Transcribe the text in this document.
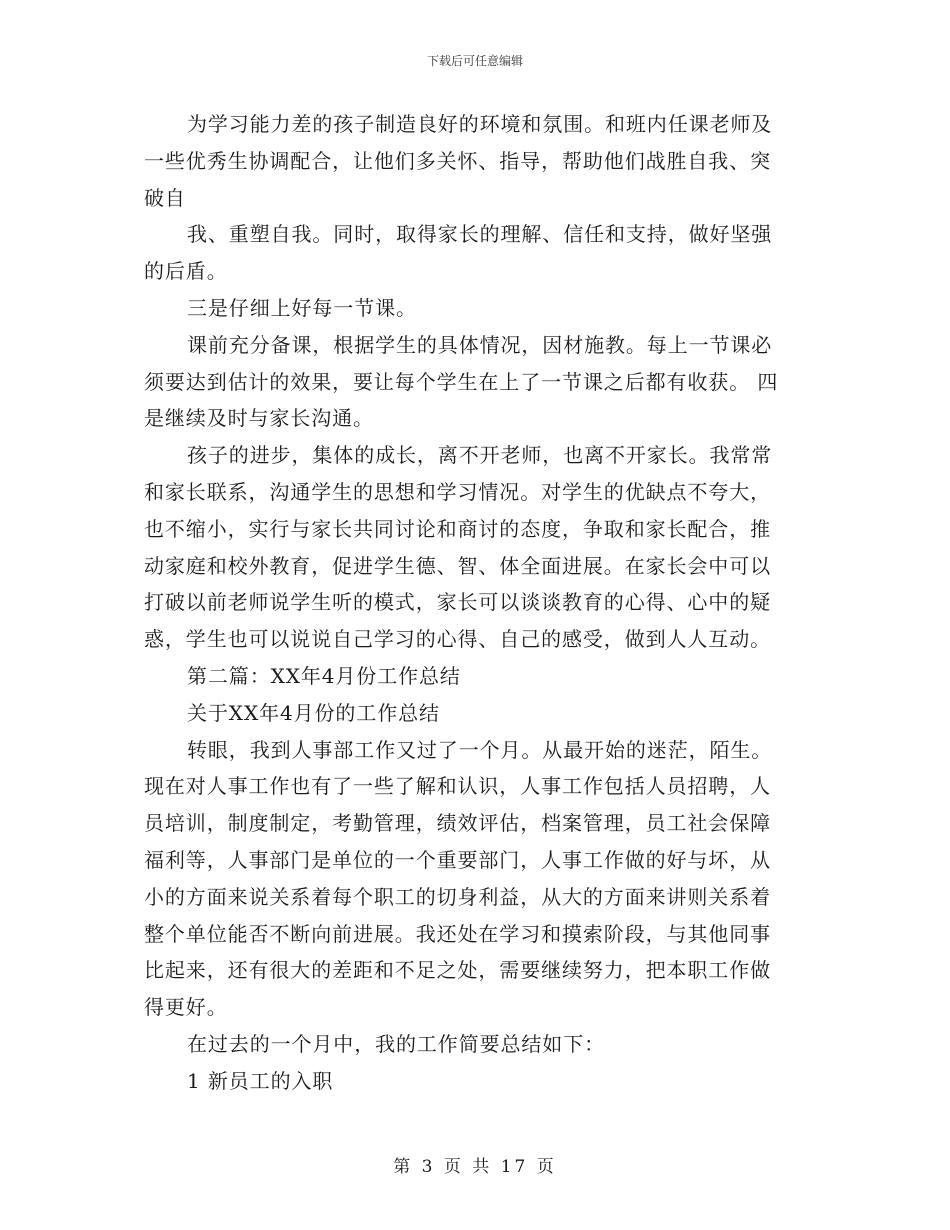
下载后可任意编辑
为学习能力差的孩子制造良好的环境和氛围。和班内任课老师及
一些优秀生协调配合，让他们多关怀、指导，帮助他们战胜自我、突
破自
我、重塑自我。同时，取得家长的理解、信任和支持，做好坚强
的后盾。
三是仔细上好每一节课。
课前充分备课，根据学生的具体情况，因材施教。每上一节课必
须要达到估计的效果，要让每个学生在上了一节课之后都有收获。 四
是继续及时与家长沟通。
孩子的进步，集体的成长，离不开老师，也离不开家长。我常常
和家长联系，沟通学生的思想和学习情况。对学生的优缺点不夸大，
也不缩小，实行与家长共同讨论和商讨的态度，争取和家长配合，推
动家庭和校外教育，促进学生德、智、体全面进展。在家长会中可以
打破以前老师说学生听的模式，家长可以谈谈教育的心得、心中的疑
惑，学生也可以说说自己学习的心得、自己的感受，做到人人互动。
第二篇：XX年4月份工作总结
关于XX年4月份的工作总结
转眼，我到人事部工作又过了一个月。从最开始的迷茫，陌生。
现在对人事工作也有了一些了解和认识，人事工作包括人员招聘，人
员培训，制度制定，考勤管理，绩效评估，档案管理，员工社会保障
福利等，人事部门是单位的一个重要部门，人事工作做的好与坏，从
小的方面来说关系着每个职工的切身利益，从大的方面来讲则关系着
整个单位能否不断向前进展。我还处在学习和摸索阶段，与其他同事
比起来，还有很大的差距和不足之处，需要继续努力，把本职工作做
得更好。
在过去的一个月中，我的工作简要总结如下：
1 新员工的入职
第 3 页 共 17 页
